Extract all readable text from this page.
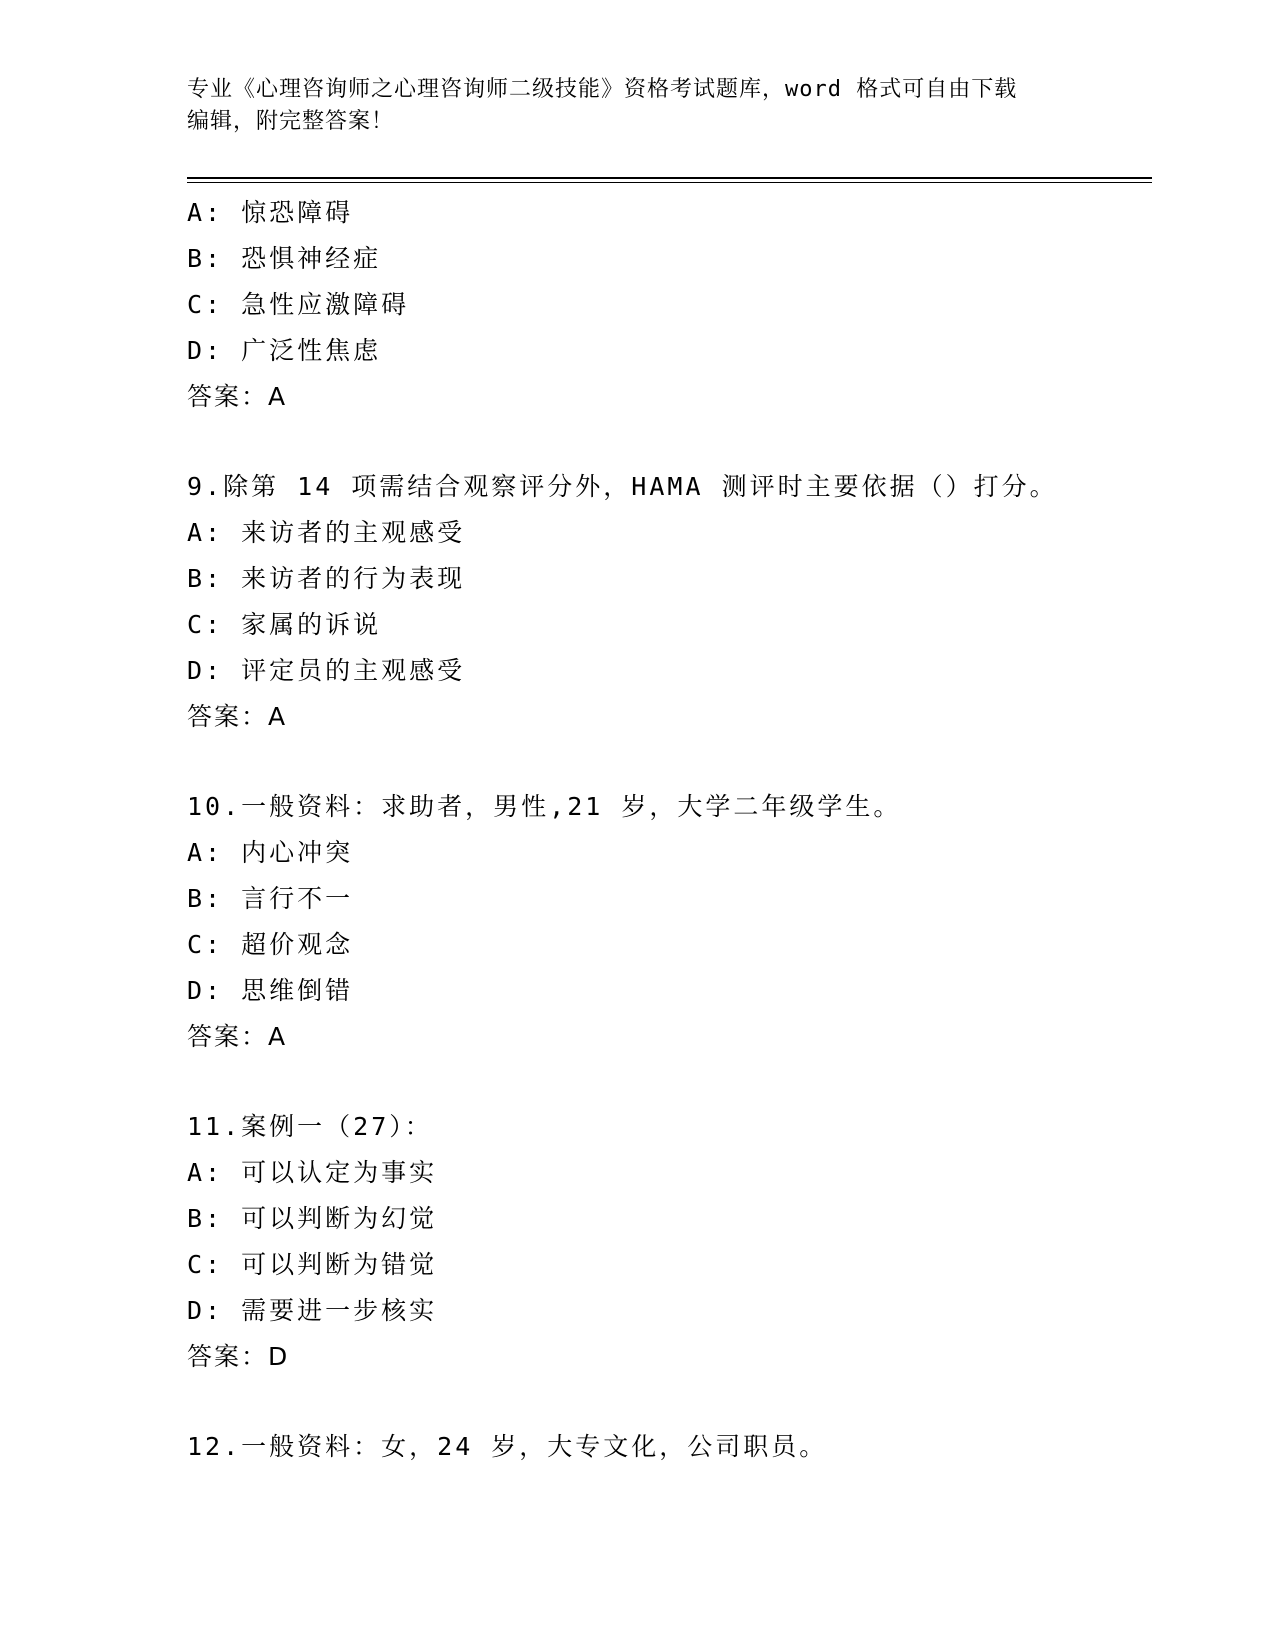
专业《心理咨询师之心理咨询师二级技能》资格考试题库，word 格式可自由下载
编辑，附完整答案！
A: 惊恐障碍
B: 恐惧神经症
C: 急性应激障碍
D: 广泛性焦虑
答案：A
9.除第 14 项需结合观察评分外，HAMA 测评时主要依据（）打分。
A: 来访者的主观感受
B: 来访者的行为表现
C: 家属的诉说
D: 评定员的主观感受
答案：A
10.一般资料：求助者，男性,21 岁，大学二年级学生。
A: 内心冲突
B: 言行不一
C: 超价观念
D: 思维倒错
答案：A
11.案例一（27）：
A: 可以认定为事实
B: 可以判断为幻觉
C: 可以判断为错觉
D: 需要进一步核实
答案：D
12.一般资料：女，24 岁，大专文化，公司职员。
